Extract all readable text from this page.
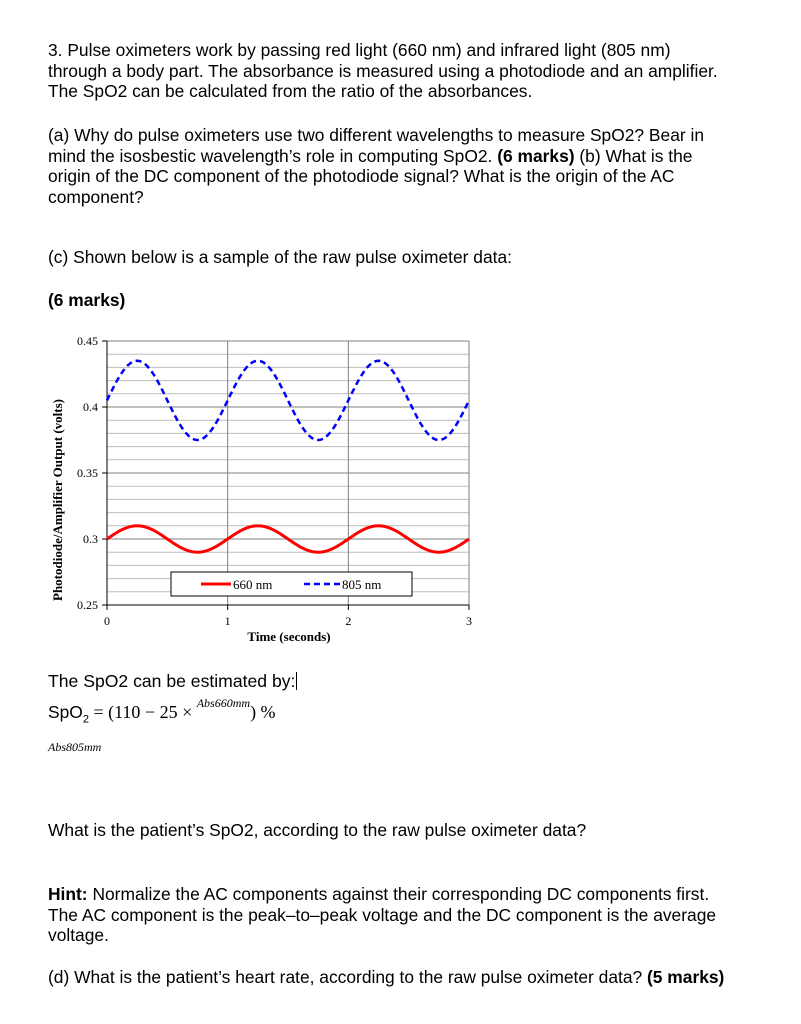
3. Pulse oximeters work by passing red light (660 nm) and infrared light (805 nm) through a body part. The absorbance is measured using a photodiode and an amplifier. The SpO2 can be calculated from the ratio of the absorbances.

(a) Why do pulse oximeters use two different wavelengths to measure SpO2? Bear in mind the isosbestic wavelength’s role in computing SpO2. (6 marks) (b) What is the origin of the DC component of the photodiode signal? What is the origin of the AC component?

(c) Shown below is a sample of the raw pulse oximeter data:

(6 marks)

0.25
0.3
0.35
0.4
0.45
0	1	2	3
Time (seconds)
Photodiode/Amplifier Output (volts)	660 nm	805 nm

The SpO2 can be estimated by:

SpO$_2$ = (110 − 25 × $^{Abs660mm}$) %
Abs805mm

What is the patient’s SpO2, according to the raw pulse oximeter data?

Hint: Normalize the AC components against their corresponding DC components first. The AC component is the peak–to–peak voltage and the DC component is the average voltage.

(d) What is the patient’s heart rate, according to the raw pulse oximeter data? (5 marks)
